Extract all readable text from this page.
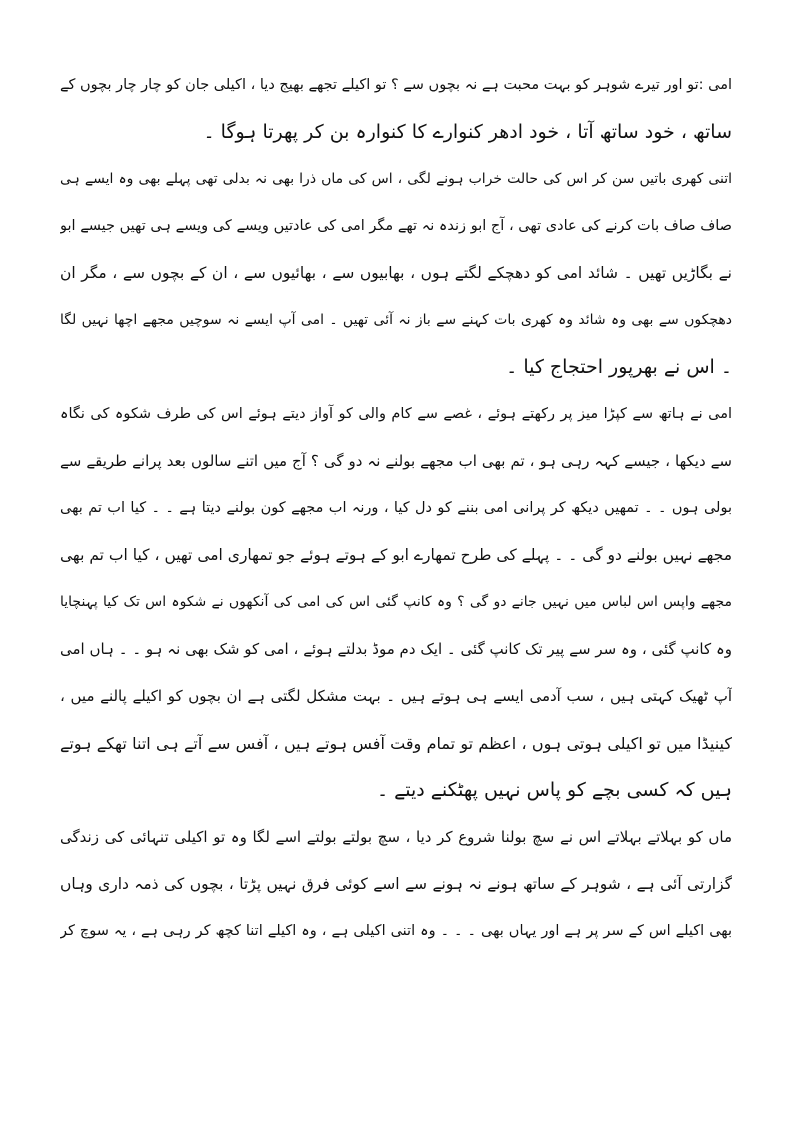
امی :تو اور تیرے شوہر کو بہت محبت ہے نہ بچوں سے ؟ تو اکیلے تجھے بھیج دیا ، اکیلی جان کو چار چار بچوں کے
ساتھ ، خود ساتھ آتا ، خود ادھر کنوارے کا کنوارہ بن کر پھرتا ہوگا ۔
اتنی کھری باتیں سن کر اس کی حالت خراب ہونے لگی ، اس کی ماں ذرا بھی نہ بدلی تھی پہلے بھی وہ ایسے ہی
صاف صاف بات کرنے کی عادی تھی ، آج ابو زندہ نہ تھے مگر امی کی عادتیں ویسے کی ویسے ہی تھیں جیسے ابو
نے بگاڑیں تھیں ۔ شائد امی کو دھچکے لگتے ہوں ، بھابیوں سے ، بھائیوں سے ، ان کے بچوں سے ، مگر ان
دھچکوں سے بھی وہ شائد وہ کھری بات کہنے سے باز نہ آئی تھیں ۔ امی آپ ایسے نہ سوچیں مجھے اچھا نہیں لگا
۔ اس نے بھرپور احتجاج کیا ۔
امی نے ہاتھ سے کپڑا میز پر رکھتے ہوئے ، غصے سے کام والی کو آواز دیتے ہوئے اس کی طرف شکوہ کی نگاہ
سے دیکھا ، جیسے کہہ رہی ہو ، تم بھی اب مجھے بولنے نہ دو گی ؟ آج میں اتنے سالوں بعد پرانے طریقے سے
بولی ہوں ۔ ۔ تمھیں دیکھ کر پرانی امی بننے کو دل کیا ، ورنہ اب مجھے کون بولنے دیتا ہے ۔ ۔ کیا اب تم بھی
مجھے نہیں بولنے دو گی ۔ ۔ پہلے کی طرح تمھارے ابو کے ہوتے ہوئے جو تمھاری امی تھیں ، کیا اب تم بھی
مجھے واپس اس لباس میں نہیں جانے دو گی ؟ وہ کانپ گئی اس کی امی کی آنکھوں نے شکوہ اس تک کیا پہنچایا
وہ کانپ گئی ، وہ سر سے پیر تک کانپ گئی ۔ ایک دم موڈ بدلتے ہوئے ، امی کو شک بھی نہ ہو ۔ ۔ ہاں امی
آپ ٹھیک کہتی ہیں ، سب آدمی ایسے ہی ہوتے ہیں ۔ بہت مشکل لگتی ہے ان بچوں کو اکیلے پالنے میں ،
کینیڈا میں تو اکیلی ہوتی ہوں ، اعظم تو تمام وقت آفس ہوتے ہیں ، آفس سے آتے ہی اتنا تھکے ہوتے
ہیں کہ کسی بچے کو پاس نہیں پھٹکنے دیتے ۔
ماں کو بہلاتے بہلاتے اس نے سچ بولنا شروع کر دیا ، سچ بولتے بولتے اسے لگا وہ تو اکیلی تنہائی کی زندگی
گزارتی آئی ہے ، شوہر کے ساتھ ہونے نہ ہونے سے اسے کوئی فرق نہیں پڑتا ، بچوں کی ذمہ داری وہاں
بھی اکیلے اس کے سر پر ہے اور یہاں بھی ۔ ۔ ۔ وہ اتنی اکیلی ہے ، وہ اکیلے اتنا کچھ کر رہی ہے ، یہ سوچ کر
